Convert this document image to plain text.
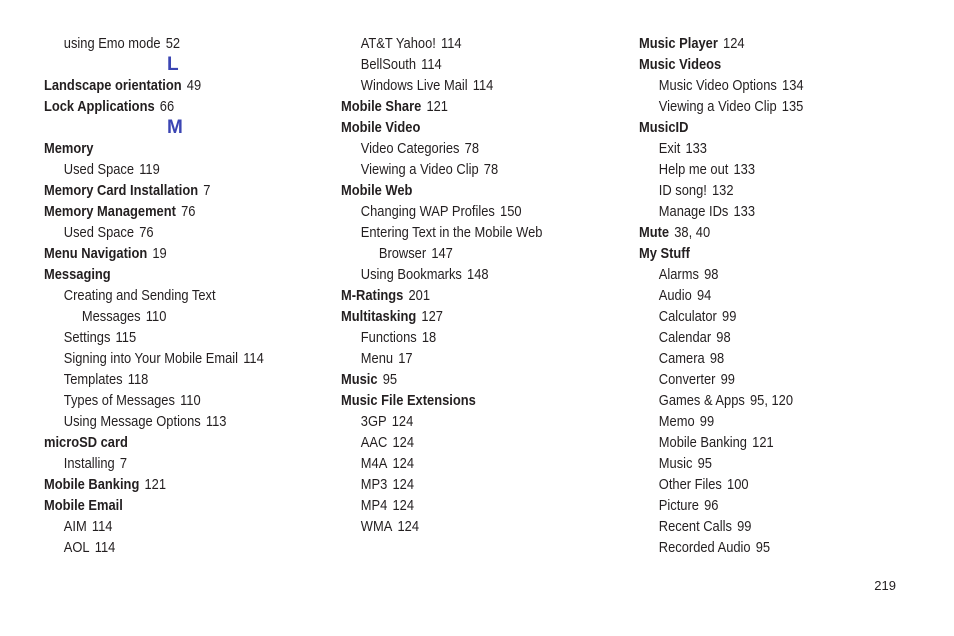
using Emo mode 52
L
Landscape orientation 49
Lock Applications 66
M
Memory
Used Space 119
Memory Card Installation 7
Memory Management 76
Used Space 76
Menu Navigation 19
Messaging
Creating and Sending Text
Messages 110
Settings 115
Signing into Your Mobile Email 114
Templates 118
Types of Messages 110
Using Message Options 113
microSD card
Installing 7
Mobile Banking 121
Mobile Email
AIM 114
AOL 114
AT&T Yahoo! 114
BellSouth 114
Windows Live Mail 114
Mobile Share 121
Mobile Video
Video Categories 78
Viewing a Video Clip 78
Mobile Web
Changing WAP Profiles 150
Entering Text in the Mobile Web
Browser 147
Using Bookmarks 148
M-Ratings 201
Multitasking 127
Functions 18
Menu 17
Music 95
Music File Extensions
3GP 124
AAC 124
M4A 124
MP3 124
MP4 124
WMA 124
Music Player 124
Music Videos
Music Video Options 134
Viewing a Video Clip 135
MusicID
Exit 133
Help me out 133
ID song! 132
Manage IDs 133
Mute 38, 40
My Stuff
Alarms 98
Audio 94
Calculator 99
Calendar 98
Camera 98
Converter 99
Games & Apps 95, 120
Memo 99
Mobile Banking 121
Music 95
Other Files 100
Picture 96
Recent Calls 99
Recorded Audio 95
219
